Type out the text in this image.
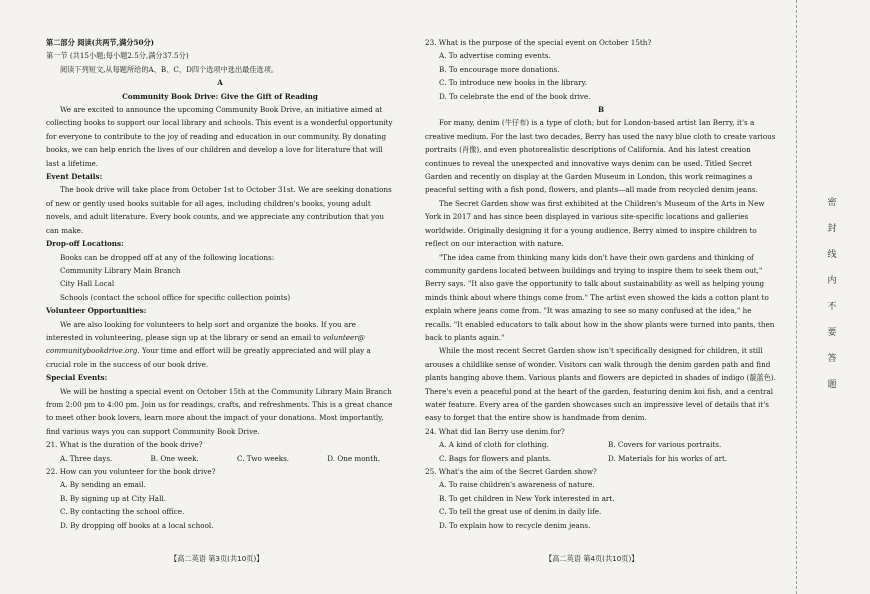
第二部分 阅读(共两节,满分50分)

第一节 (共15小题;每小题2.5分,满分37.5分)

阅读下列短文,从每题所给的A、B、C、D四个选项中选出最佳选项。

A

Community Book Drive: Give the Gift of Reading

We are excited to announce the upcoming Community Book Drive, an initiative aimed at collecting books to support our local library and schools. This event is a wonderful opportunity for everyone to contribute to the joy of reading and education in our community. By donating books, we can help enrich the lives of our children and develop a love for literature that will last a lifetime.

Event Details:

The book drive will take place from October 1st to October 31st. We are seeking donations of new or gently used books suitable for all ages, including children's books, young adult novels, and adult literature. Every book counts, and we appreciate any contribution that you can make.

Drop-off Locations:

Books can be dropped off at any of the following locations:

Community Library Main Branch

City Hall Local

Schools (contact the school office for specific collection points)

Volunteer Opportunities:

We are also looking for volunteers to help sort and organize the books. If you are interested in volunteering, please sign up at the library or send an email to volunteer@ communitybookdrive.org. Your time and effort will be greatly appreciated and will play a crucial role in the success of our book drive.

Special Events:

We will be hosting a special event on October 15th at the Community Library Main Branch from 2:00 pm to 4:00 pm. Join us for readings, crafts, and refreshments. This is a great chance to meet other book lovers, learn more about the impact of your donations. Most importantly, find various ways you can support Community Book Drive.

21. What is the duration of the book drive?

A. Three days.	B. One week.	C. Two weeks.	D. One month.

22. How can you volunteer for the book drive?

A. By sending an email.

B. By signing up at City Hall.

C. By contacting the school office.

D. By dropping off books at a local school.

23. What is the purpose of the special event on October 15th?

A. To advertise coming events.

B. To encourage more donations.

C. To introduce new books in the library.

D. To celebrate the end of the book drive.

B

For many, denim (牛仔布) is a type of cloth; but for London-based artist Ian Berry, it's a creative medium. For the last two decades, Berry has used the navy blue cloth to create various portraits (肖像), and even photorealistic descriptions of California. And his latest creation continues to reveal the unexpected and innovative ways denim can be used. Titled Secret Garden and recently on display at the Garden Museum in London, this work reimagines a peaceful setting with a fish pond, flowers, and plants—all made from recycled denim jeans.

The Secret Garden show was first exhibited at the Children's Museum of the Arts in New York in 2017 and has since been displayed in various site-specific locations and galleries worldwide. Originally designing it for a young audience, Berry aimed to inspire children to reflect on our interaction with nature.

"The idea came from thinking many kids don't have their own gardens and thinking of community gardens located between buildings and trying to inspire them to seek them out," Berry says. "It also gave the opportunity to talk about sustainability as well as helping young minds think about where things come from." The artist even showed the kids a cotton plant to explain where jeans come from. "It was amazing to see so many confused at the idea," he recalls. "It enabled educators to talk about how in the show plants were turned into pants, then back to plants again."

While the most recent Secret Garden show isn't specifically designed for children, it still arouses a childlike sense of wonder. Visitors can walk through the denim garden path and find plants hanging above them. Various plants and flowers are depicted in shades of indigo (靛蓝色). There's even a peaceful pond at the heart of the garden, featuring denim koi fish, and a central water feature. Every area of the garden showcases such an impressive level of details that it's easy to forget that the entire show is handmade from denim.

24. What did Ian Berry use denim for?

A. A kind of cloth for clothing.	B. Covers for various portraits.
C. Bags for flowers and plants.	D. Materials for his works of art.

25. What's the aim of the Secret Garden show?

A. To raise children's awareness of nature.

B. To get children in New York interested in art.

C. To tell the great use of denim in daily life.

D. To explain how to recycle denim jeans.

【高二英语 第3页(共10页)】	【高二英语 第4页(共10页)】
密
封
线
内
不
要
答
题
